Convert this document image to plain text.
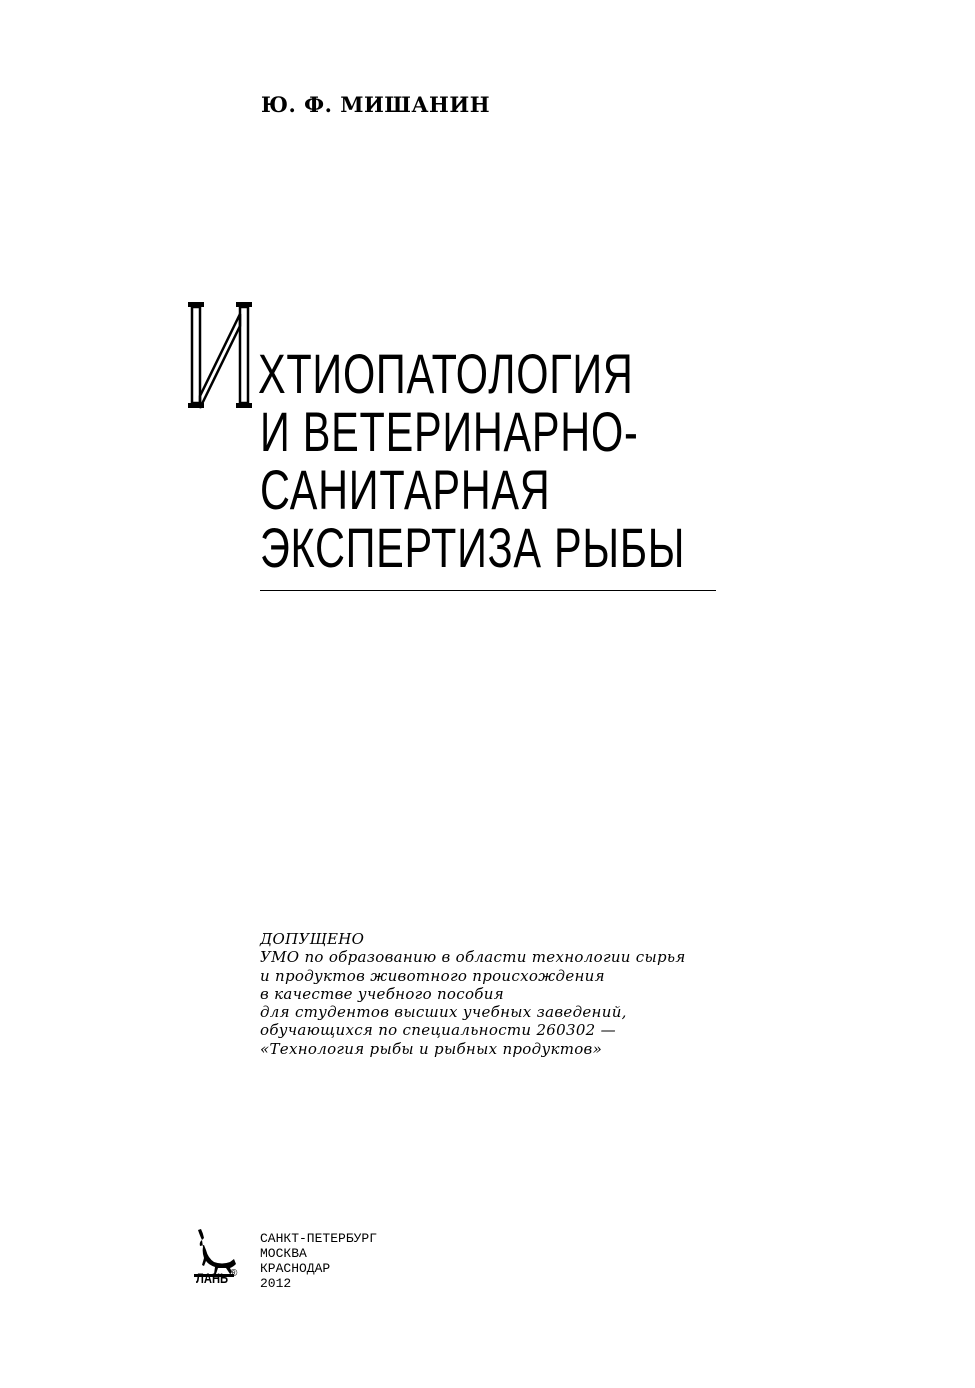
Ю. Ф. МИШАНИН
И
ХТИОПАТОЛОГИЯ
И ВЕТЕРИНАРНО-
САНИТАРНАЯ
ЭКСПЕРТИЗА РЫБЫ
ДОПУЩЕНО
УМО по образованию в области технологии сырья
и продуктов животного происхождения
в качестве учебного пособия
для студентов высших учебных заведений,
обучающихся по специальности 260302 —
«Технология рыбы и рыбных продуктов»
ЛАНЬ ®
САНКТ-ПЕТЕРБУРГ
МОСКВА
КРАСНОДАР
2012
